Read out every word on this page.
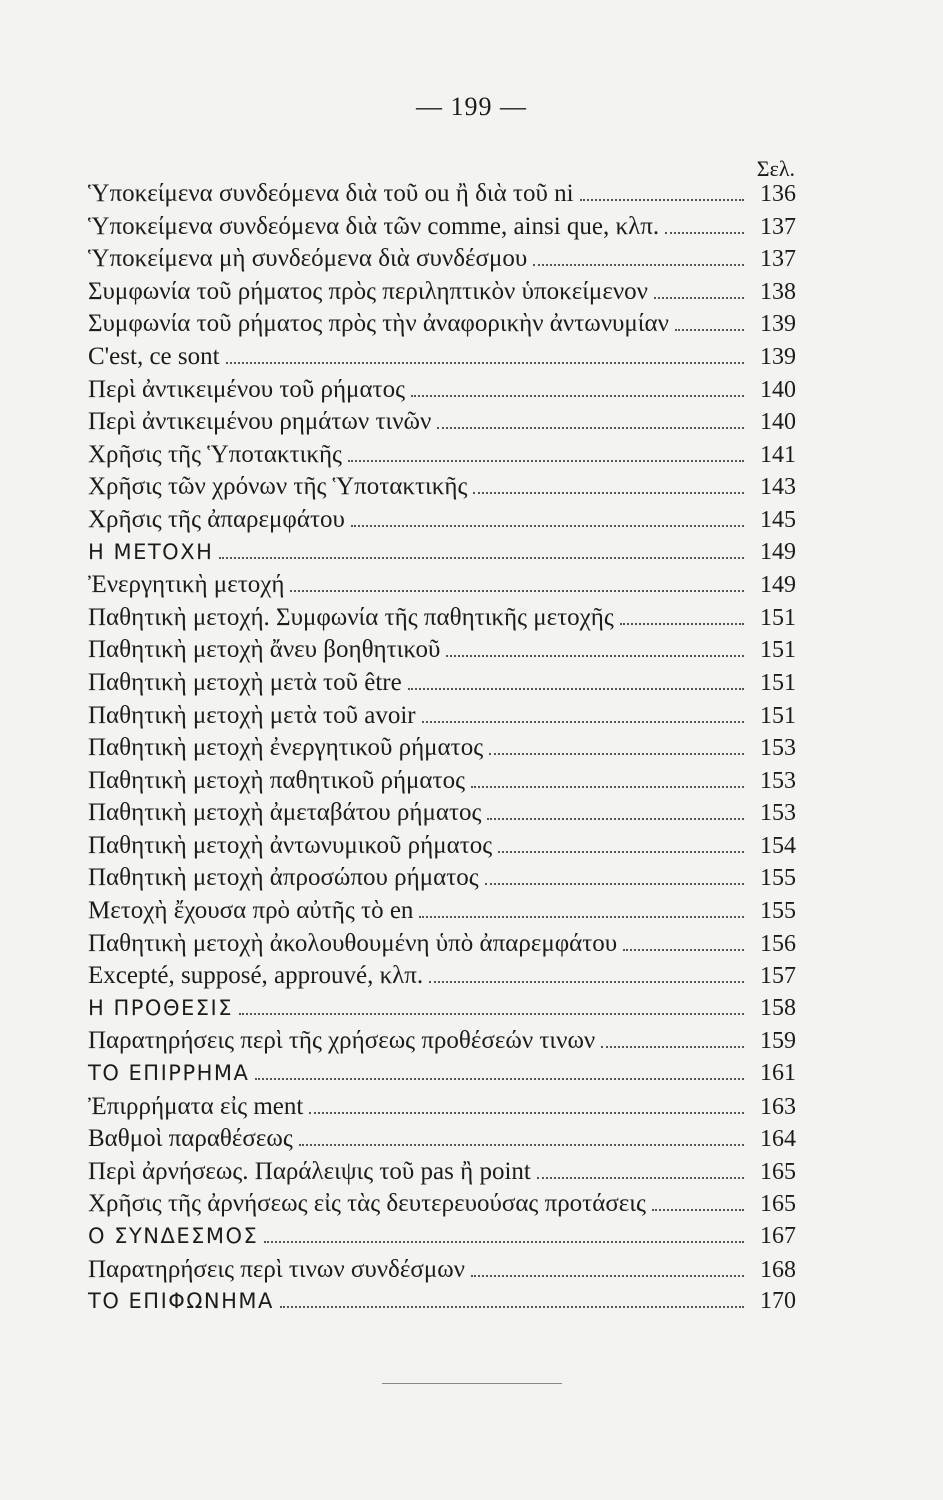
— 199 —
Σελ.
Ὑποκείμενα συνδεόμενα διὰ τοῦ ou ἢ διὰ τοῦ ni	136
Ὑποκείμενα συνδεόμενα διὰ τῶν comme, ainsi que, κλπ.	137
Ὑποκείμενα μὴ συνδεόμενα διὰ συνδέσμου	137
Συμφωνία τοῦ ρήματος πρὸς περιληπτικὸν ὑποκείμενον	138
Συμφωνία τοῦ ρήματος πρὸς τὴν ἀναφορικὴν ἀντωνυμίαν	139
C'est, ce sont	139
Περὶ ἀντικειμένου τοῦ ρήματος	140
Περὶ ἀντικειμένου ρημάτων τινῶν	140
Χρῆσις τῆς Ὑποτακτικῆς	141
Χρῆσις τῶν χρόνων τῆς Ὑποτακτικῆς	143
Χρῆσις τῆς ἀπαρεμφάτου	145
Η ΜΕΤΟΧΗ	149
Ἐνεργητικὴ μετοχή	149
Παθητικὴ μετοχή. Συμφωνία τῆς παθητικῆς μετοχῆς	151
Παθητικὴ μετοχὴ ἄνευ βοηθητικοῦ	151
Παθητικὴ μετοχὴ μετὰ τοῦ être	151
Παθητικὴ μετοχὴ μετὰ τοῦ avoir	151
Παθητικὴ μετοχὴ ἐνεργητικοῦ ρήματος	153
Παθητικὴ μετοχὴ παθητικοῦ ρήματος	153
Παθητικὴ μετοχὴ ἀμεταβάτου ρήματος	153
Παθητικὴ μετοχὴ ἀντωνυμικοῦ ρήματος	154
Παθητικὴ μετοχὴ ἀπροσώπου ρήματος	155
Μετοχὴ ἔχουσα πρὸ αὐτῆς τὸ en	155
Παθητικὴ μετοχὴ ἀκολουθουμένη ὑπὸ ἀπαρεμφάτου	156
Excepté, supposé, approuvé, κλπ.	157
Η ΠΡΟΘΕΣΙΣ	158
Παρατηρήσεις περὶ τῆς χρήσεως προθέσεών τινων	159
ΤΟ ΕΠΙΡΡΗΜΑ	161
Ἐπιρρήματα εἰς ment	163
Βαθμοὶ παραθέσεως	164
Περὶ ἀρνήσεως. Παράλειψις τοῦ pas ἢ point	165
Χρῆσις τῆς ἀρνήσεως εἰς τὰς δευτερευούσας προτάσεις	165
Ο ΣΥΝΔΕΣΜΟΣ	167
Παρατηρήσεις περὶ τινων συνδέσμων	168
ΤΟ ΕΠΙΦΩΝΗΜΑ	170
